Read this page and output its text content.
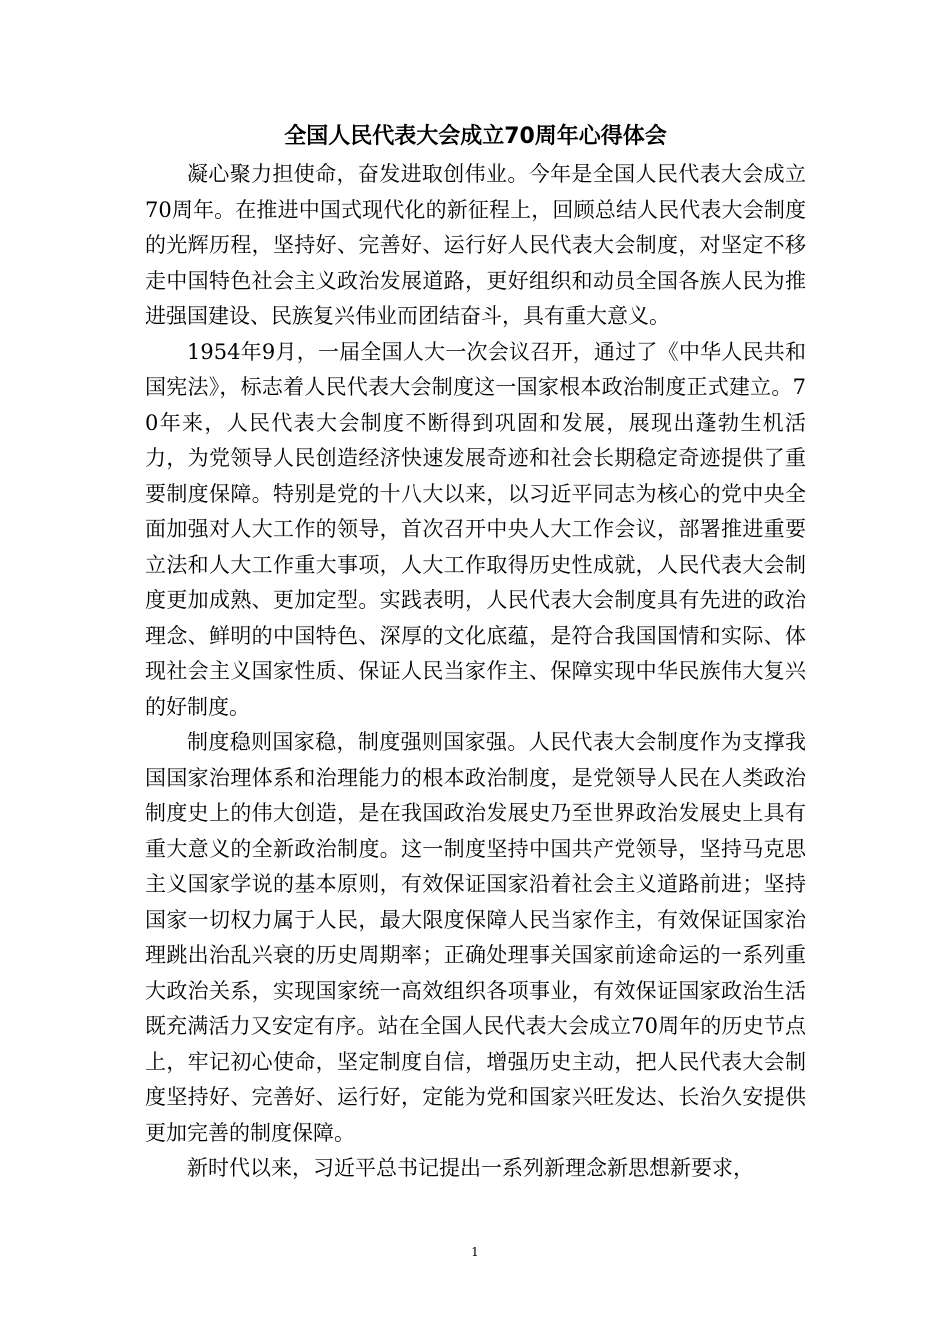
全国人民代表大会成立70周年心得体会

凝心聚力担使命，奋发进取创伟业。今年是全国人民代表大会成立70周年。在推进中国式现代化的新征程上，回顾总结人民代表大会制度的光辉历程，坚持好、完善好、运行好人民代表大会制度，对坚定不移走中国特色社会主义政治发展道路，更好组织和动员全国各族人民为推进强国建设、民族复兴伟业而团结奋斗，具有重大意义。

1954年9月，一届全国人大一次会议召开，通过了《中华人民共和国宪法》，标志着人民代表大会制度这一国家根本政治制度正式建立。70年来，人民代表大会制度不断得到巩固和发展，展现出蓬勃生机活力，为党领导人民创造经济快速发展奇迹和社会长期稳定奇迹提供了重要制度保障。特别是党的十八大以来，以习近平同志为核心的党中央全面加强对人大工作的领导，首次召开中央人大工作会议，部署推进重要立法和人大工作重大事项，人大工作取得历史性成就，人民代表大会制度更加成熟、更加定型。实践表明，人民代表大会制度具有先进的政治理念、鲜明的中国特色、深厚的文化底蕴，是符合我国国情和实际、体现社会主义国家性质、保证人民当家作主、保障实现中华民族伟大复兴的好制度。

制度稳则国家稳，制度强则国家强。人民代表大会制度作为支撑我国国家治理体系和治理能力的根本政治制度，是党领导人民在人类政治制度史上的伟大创造，是在我国政治发展史乃至世界政治发展史上具有重大意义的全新政治制度。这一制度坚持中国共产党领导，坚持马克思主义国家学说的基本原则，有效保证国家沿着社会主义道路前进；坚持国家一切权力属于人民，最大限度保障人民当家作主，有效保证国家治理跳出治乱兴衰的历史周期率；正确处理事关国家前途命运的一系列重大政治关系，实现国家统一高效组织各项事业，有效保证国家政治生活既充满活力又安定有序。站在全国人民代表大会成立70周年的历史节点上，牢记初心使命，坚定制度自信，增强历史主动，把人民代表大会制度坚持好、完善好、运行好，定能为党和国家兴旺发达、长治久安提供更加完善的制度保障。

新时代以来，习近平总书记提出一系列新理念新思想新要求，

1
